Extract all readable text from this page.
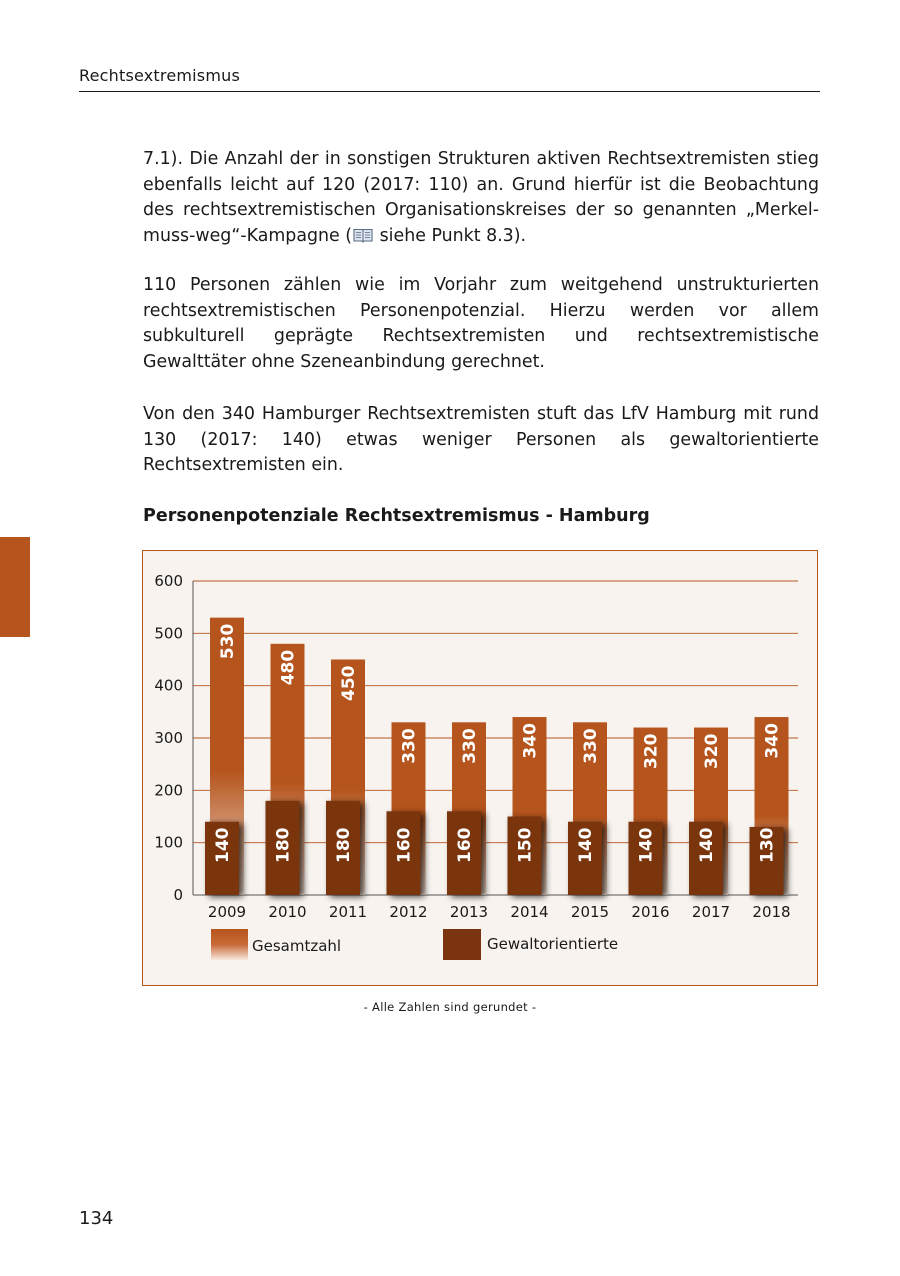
Rechtsextremismus

7.1). Die Anzahl der in sonstigen Strukturen aktiven Rechtsextremisten stieg ebenfalls leicht auf 120 (2017: 110) an. Grund hierfür ist die Beobachtung des rechtsextremistischen Organisationskreises der so genannten „Merkel-muss-weg“-Kampagne ( siehe Punkt 8.3).

110 Personen zählen wie im Vorjahr zum weitgehend unstrukturierten rechtsextremistischen Personenpotenzial. Hierzu werden vor allem subkulturell geprägte Rechtsextremisten und rechtsextremistische Gewalttäter ohne Szeneanbindung gerechnet.

Von den 340 Hamburger Rechtsextremisten stuft das LfV Hamburg mit rund 130 (2017: 140) etwas weniger Personen als gewaltorientierte Rechtsextremisten ein.

Personenpotenziale Rechtsextremismus - Hamburg
0
100
200
300
400
500
600
530
140
2009
480
180
2010
450
180
2011
330
160
2012
330
160
2013
340
150
2014
330
140
2015
320
140
2016
320
140
2017
340
130
2018
Gesamtzahl	Gewaltorientierte
- Alle Zahlen sind gerundet -
134
